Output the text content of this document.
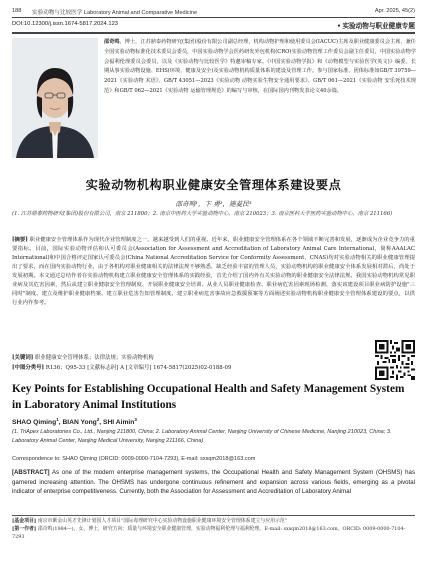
188 实验动物与比较医学 Laboratory Animal and Comparative Medicine	Apr. 2025, 45(2)
DOI:10.12300/j.issn.1674-5817.2024.123	● 实验动物与职业健康专题
邵奇鸣，博士，江苏鼎泰药物研究(集团)股份有限公司副总经理，机构动物护理和使用委员会(IACUC)主席及职业健康委员会主席，兼任全国实验动物标准化技术委员会委员，中国实验动物学会医药研发外包机构(CRO)实验动物管理工作委员会副主任委员，中国实验动物学会福利伦理委员会委员，以及《实验动物与比较医学》特邀审稿专家。《中国实验动物学报》和《动物模型与实验医学(英文)》编委。长期从事实验动物设施、EHS(环境、健康及安全)及实验动物机构质量体系的建设及管理工作。参与国家标准、团体标准如GB/T 39759—2021《实验动物 术语》、GB/T 43051—2023《实验动物 动物实验生物安全通用要求》、GB/T 061—2021《实验动物 安乐死技术规范》和GB/T 062—2021《实验动物 运输管理规范》的编写与审核，在国际国内刊物发表论文40余篇。
实验动物机构职业健康安全管理体系建设要点
邵奇鸣¹，卞 勇²，施菱民³
(1. 江苏鼎泰药物研究(集团)股份有限公司，南京 211800；2. 南京中医药大学实验动物中心，南京 210023；3. 南京医科大学医药实验动物中心，南京 211166)
[摘要] 职业健康安全管理体系作为现代企业管理制度之一，越来越受到人们的重视。近年来，职业健康安全管理体系在各个领域不断完善和发展，逐渐成为企业竞争力的重要指标。目前，国际实验动物评估和认可委员会(Association for Assessment and Accreditation of Laboratory Animal Care International，简称AAALAC International)和中国合格评定国家认可委员会(China National Accreditation Service for Conformity Assessment，CNAS)均对实验动物相关的职业健康管理提出了要求，而在国内实验动物行业，由于各机构对职业健康相关的法律法规不够熟悉，缺乏经验丰富的管理人员，实验动物机构的职业健康安全体系发展相对滞后，尚处于发展初期。本文通过总结作者在实验动物机构建立职业健康安全管理体系的实践经验，首先介绍了国内外有关实验动物的职业健康安全法律法规、我国实验动物机构常见职业病及其危害因素，然后从建立职业健康安全管理制度、开展职业健康安全培训、从业人员职业健康检查、职业病危害因素现场检测、落实该建设项目职业病防护设施"三同时"制度、建立及维护职业健康档案、建立职业危害告知管理制度、建立职业病危害事故应急救援预案等方面阐述实验动物机构职业健康安全管理体系建设的要点，以供行业内作参考。
[关键词] 职业健康安全管理体系；法律法规；实验动物机构
[中图分类号] R136；Q95-33 [文献标志码] A [文章编号] 1674-5817(2025)02-0188-09
Key Points for Establishing Occupational Health and Safety Management System in Laboratory Animal Institutions
SHAO Qiming$^1$, BIAN Yong$^2$, SHI Aimin$^3$
(1. TriApex Laboratories Co., Ltd., Nanjing 211800, China; 2. Laboratory Animal Center, Nanjing University of Chinese Medicine, Nanjing 210023, China; 3. Laboratory Animal Center, Nanjing Medical University, Nanjing 211166, China)
Correspondence to: SHAO Qiming (ORCID: 0009-0000-7104-7293), E-mail: sxsqm2018@163.com
[ABSTRACT] As one of the modern enterprise management systems, the Occupational Health and Safety Management System (OHSMS) has garnered increasing attention. The OHSMS has undergone continuous refinement and expansion across various fields, emerging as a pivotal indicator of enterprise competitiveness. Currently, both the Association for Assessment and Accreditation of Laboratory Animal
[基金项目] 南京市紫金山英才先锋计划国人才项目“国际毒理研究中心实验动物设施职业健康环境安全管理体系建立与应用示范”
[第一作者] 邵奇鸣(1984—)，女，博士，研究方向：质量与环境安全职业健康管理，实验动物福利伦理与福利伦理。E-mail: sxsqm2018@163.com。ORCID: 0009-0000-7104-7293
